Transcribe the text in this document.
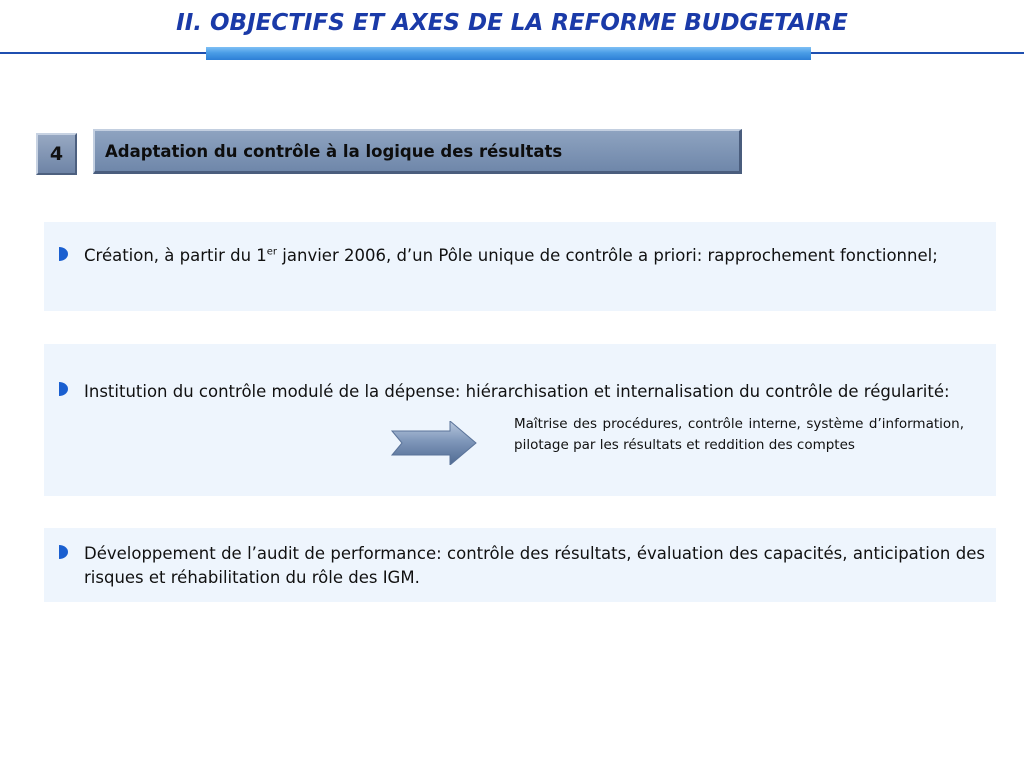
II. OBJECTIFS ET AXES DE LA REFORME BUDGETAIRE
4	Adaptation du contrôle à la logique des résultats
Création, à partir du 1er janvier 2006, d’un Pôle unique de contrôle a priori: rapprochement fonctionnel;
Institution du contrôle modulé de la dépense: hiérarchisation et internalisation du contrôle de régularité:
Maîtrise des procédures, contrôle interne, système d’information, pilotage par les résultats et reddition des comptes
Développement de l’audit de performance: contrôle des résultats, évaluation des capacités, anticipation des risques et réhabilitation du rôle des IGM.
